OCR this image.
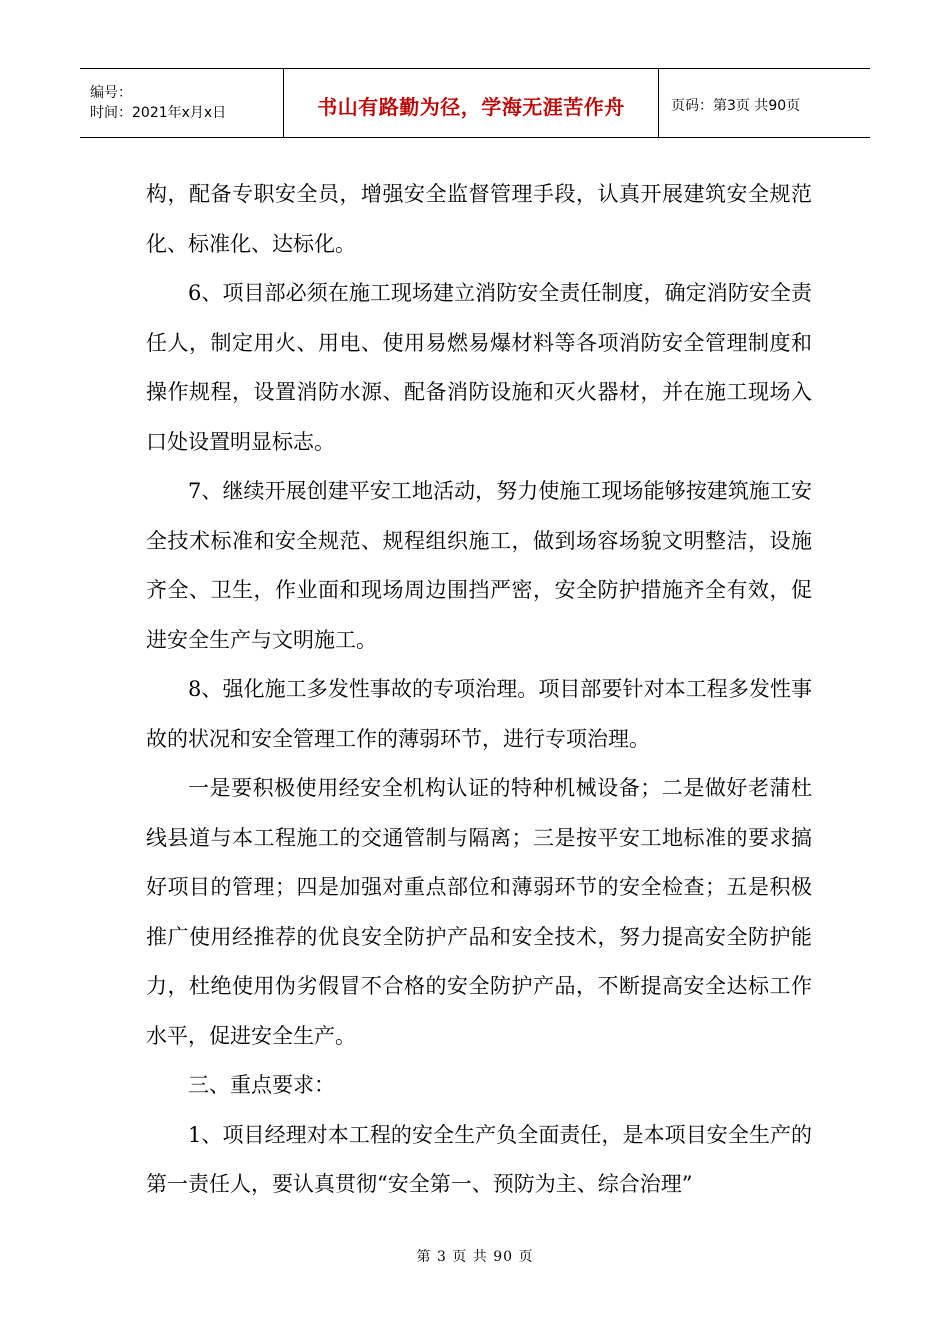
编号：
时间：2021年x月x日	书山有路勤为径，学海无涯苦作舟	页码：第3页 共90页

构，配备专职安全员，增强安全监督管理手段，认真开展建筑安全规范化、标准化、达标化。

6、项目部必须在施工现场建立消防安全责任制度，确定消防安全责任人，制定用火、用电、使用易燃易爆材料等各项消防安全管理制度和操作规程，设置消防水源、配备消防设施和灭火器材，并在施工现场入口处设置明显标志。

7、继续开展创建平安工地活动，努力使施工现场能够按建筑施工安全技术标准和安全规范、规程组织施工，做到场容场貌文明整洁，设施齐全、卫生，作业面和现场周边围挡严密，安全防护措施齐全有效，促进安全生产与文明施工。

8、强化施工多发性事故的专项治理。项目部要针对本工程多发性事故的状况和安全管理工作的薄弱环节，进行专项治理。

一是要积极使用经安全机构认证的特种机械设备；二是做好老蒲杜线县道与本工程施工的交通管制与隔离；三是按平安工地标准的要求搞好项目的管理；四是加强对重点部位和薄弱环节的安全检查；五是积极推广使用经推荐的优良安全防护产品和安全技术，努力提高安全防护能力，杜绝使用伪劣假冒不合格的安全防护产品，不断提高安全达标工作水平，促进安全生产。

三、重点要求：

1、项目经理对本工程的安全生产负全面责任，是本项目安全生产的第一责任人，要认真贯彻“安全第一、预防为主、综合治理”

第 3 页 共 90 页
